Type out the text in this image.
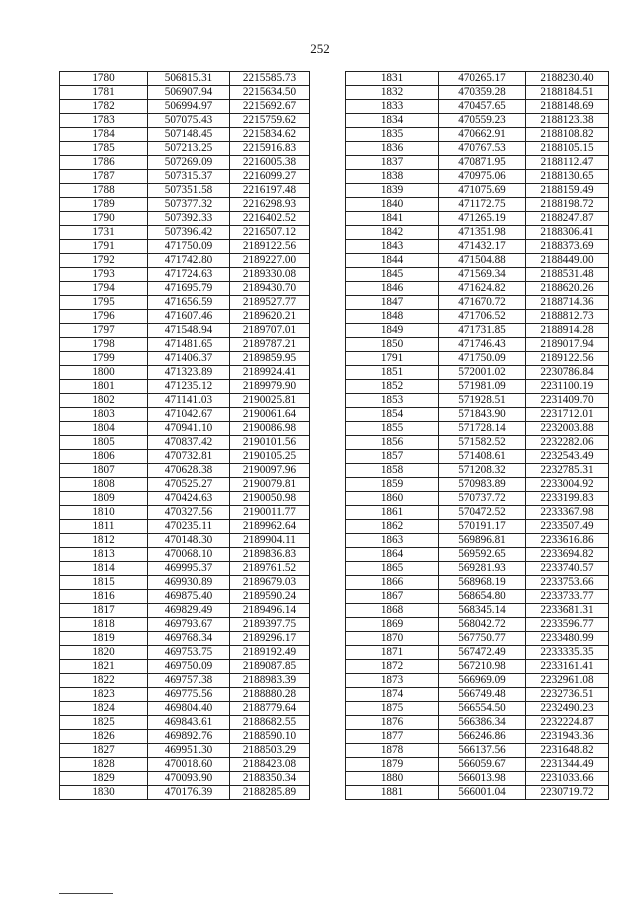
252
1780	506815.31	2215585.73
1781	506907.94	2215634.50
1782	506994.97	2215692.67
1783	507075.43	2215759.62
1784	507148.45	2215834.62
1785	507213.25	2215916.83
1786	507269.09	2216005.38
1787	507315.37	2216099.27
1788	507351.58	2216197.48
1789	507377.32	2216298.93
1790	507392.33	2216402.52
1731	507396.42	2216507.12
1791	471750.09	2189122.56
1792	471742.80	2189227.00
1793	471724.63	2189330.08
1794	471695.79	2189430.70
1795	471656.59	2189527.77
1796	471607.46	2189620.21
1797	471548.94	2189707.01
1798	471481.65	2189787.21
1799	471406.37	2189859.95
1800	471323.89	2189924.41
1801	471235.12	2189979.90
1802	471141.03	2190025.81
1803	471042.67	2190061.64
1804	470941.10	2190086.98
1805	470837.42	2190101.56
1806	470732.81	2190105.25
1807	470628.38	2190097.96
1808	470525.27	2190079.81
1809	470424.63	2190050.98
1810	470327.56	2190011.77
1811	470235.11	2189962.64
1812	470148.30	2189904.11
1813	470068.10	2189836.83
1814	469995.37	2189761.52
1815	469930.89	2189679.03
1816	469875.40	2189590.24
1817	469829.49	2189496.14
1818	469793.67	2189397.75
1819	469768.34	2189296.17
1820	469753.75	2189192.49
1821	469750.09	2189087.85
1822	469757.38	2188983.39
1823	469775.56	2188880.28
1824	469804.40	2188779.64
1825	469843.61	2188682.55
1826	469892.76	2188590.10
1827	469951.30	2188503.29
1828	470018.60	2188423.08
1829	470093.90	2188350.34
1830	470176.39	2188285.89
1831	470265.17	2188230.40
1832	470359.28	2188184.51
1833	470457.65	2188148.69
1834	470559.23	2188123.38
1835	470662.91	2188108.82
1836	470767.53	2188105.15
1837	470871.95	2188112.47
1838	470975.06	2188130.65
1839	471075.69	2188159.49
1840	471172.75	2188198.72
1841	471265.19	2188247.87
1842	471351.98	2188306.41
1843	471432.17	2188373.69
1844	471504.88	2188449.00
1845	471569.34	2188531.48
1846	471624.82	2188620.26
1847	471670.72	2188714.36
1848	471706.52	2188812.73
1849	471731.85	2188914.28
1850	471746.43	2189017.94
1791	471750.09	2189122.56
1851	572001.02	2230786.84
1852	571981.09	2231100.19
1853	571928.51	2231409.70
1854	571843.90	2231712.01
1855	571728.14	2232003.88
1856	571582.52	2232282.06
1857	571408.61	2232543.49
1858	571208.32	2232785.31
1859	570983.89	2233004.92
1860	570737.72	2233199.83
1861	570472.52	2233367.98
1862	570191.17	2233507.49
1863	569896.81	2233616.86
1864	569592.65	2233694.82
1865	569281.93	2233740.57
1866	568968.19	2233753.66
1867	568654.80	2233733.77
1868	568345.14	2233681.31
1869	568042.72	2233596.77
1870	567750.77	2233480.99
1871	567472.49	2233335.35
1872	567210.98	2233161.41
1873	566969.09	2232961.08
1874	566749.48	2232736.51
1875	566554.50	2232490.23
1876	566386.34	2232224.87
1877	566246.86	2231943.36
1878	566137.56	2231648.82
1879	566059.67	2231344.49
1880	566013.98	2231033.66
1881	566001.04	2230719.72
